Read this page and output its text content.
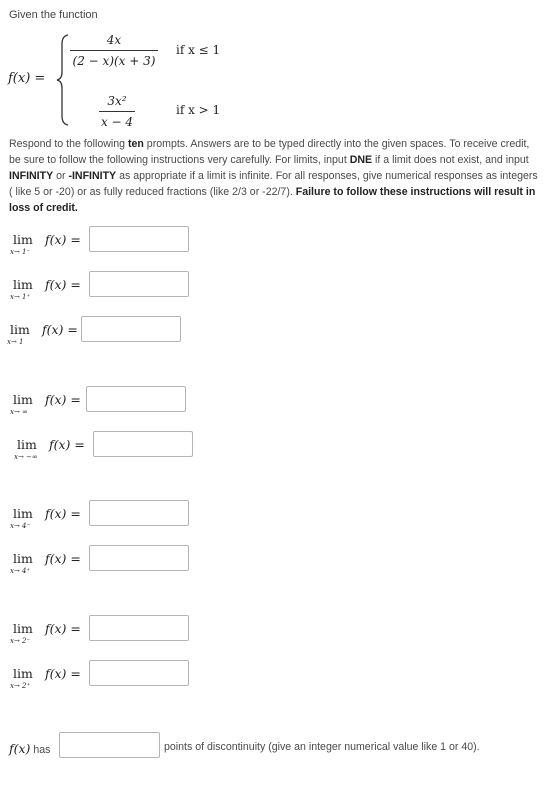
Given the function
f(x) =
4x
(2 − x)(x + 3)
if x ≤ 1
3x²
x − 4
if x > 1
Respond to the following ten prompts. Answers are to be typed directly into the given spaces. To receive credit, be sure to follow the following instructions very carefully. For limits, input DNE if a limit does not exist, and input INFINITY or -INFINITY as appropriate if a limit is infinite. For all responses, give numerical responses as integers ( like 5 or -20) or as fully reduced fractions (like 2/3 or -22/7). Failure to follow these instructions will result in loss of credit.
lim
x→ 1⁻
f(x) =
lim
x→ 1⁺
f(x) =
lim
x→ 1
f(x) =
lim
x→ ∞
f(x) =
lim
x→ −∞
f(x) =
lim
x→ 4⁻
f(x) =
lim
x→ 4⁺
f(x) =
lim
x→ 2⁻
f(x) =
lim
x→ 2⁺
f(x) =
f(x) has	points of discontinuity (give an integer numerical value like 1 or 40).
